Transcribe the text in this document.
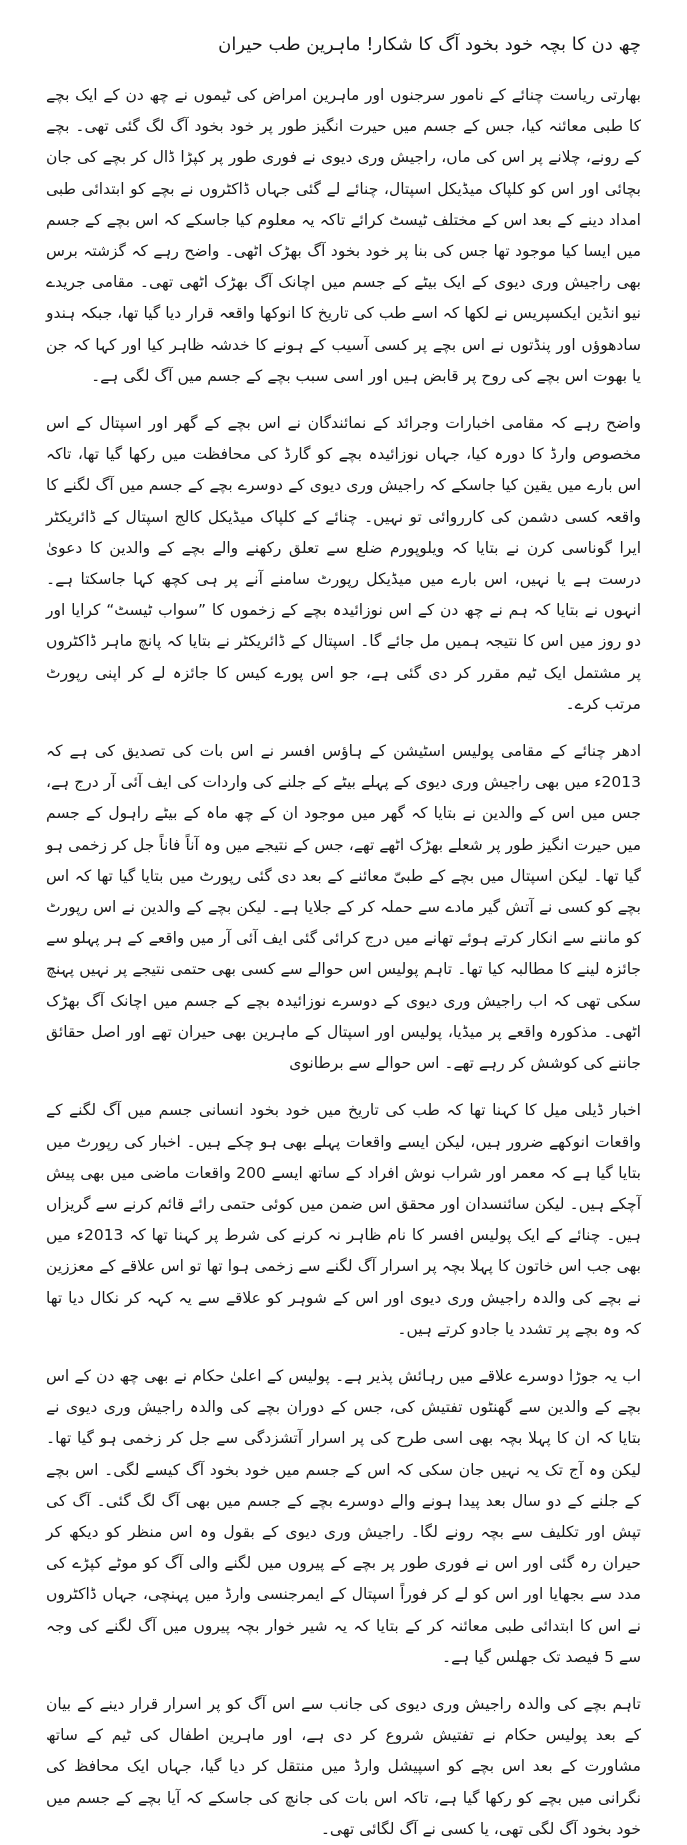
چھ دن کا بچہ خود بخود آگ کا شکار! ماہرین طب حیران

بھارتی ریاست چنائے کے نامور سرجنوں اور ماہرین امراض کی ٹیموں نے چھ دن کے ایک بچے کا طبی معائنہ کیا، جس کے جسم میں حیرت انگیز طور پر خود بخود آگ لگ گئی تھی۔ بچے کے رونے، چلانے پر اس کی ماں، راجیش وری دیوی نے فوری طور پر کپڑا ڈال کر بچے کی جان بچائی اور اس کو کلپاک میڈیکل اسپتال، چنائے لے گئی جہاں ڈاکٹروں نے بچے کو ابتدائی طبی امداد دینے کے بعد اس کے مختلف ٹیسٹ کرائے تاکہ یہ معلوم کیا جاسکے کہ اس بچے کے جسم میں ایسا کیا موجود تھا جس کی بنا پر خود بخود آگ بھڑک اٹھی۔ واضح رہے کہ گزشتہ برس بھی راجیش وری دیوی کے ایک بیٹے کے جسم میں اچانک آگ بھڑک اٹھی تھی۔ مقامی جریدے نیو انڈین ایکسپریس نے لکھا کہ اسے طب کی تاریخ کا انوکھا واقعہ قرار دیا گیا تھا، جبکہ ہندو سادھوؤں اور پنڈتوں نے اس بچے پر کسی آسیب کے ہونے کا خدشہ ظاہر کیا اور کہا کہ جن یا بھوت اس بچے کی روح پر قابض ہیں اور اسی سبب بچے کے جسم میں آگ لگی ہے۔

واضح رہے کہ مقامی اخبارات وجرائد کے نمائندگان نے اس بچے کے گھر اور اسپتال کے اس مخصوص وارڈ کا دورہ کیا، جہاں نوزائیدہ بچے کو گارڈ کی محافظت میں رکھا گیا تھا، تاکہ اس بارے میں یقین کیا جاسکے کہ راجیش وری دیوی کے دوسرے بچے کے جسم میں آگ لگنے کا واقعہ کسی دشمن کی کارروائی تو نہیں۔ چنائے کے کلپاک میڈیکل کالج اسپتال کے ڈائریکٹر ایرا گوناسی کرن نے بتایا کہ ویلوپورم ضلع سے تعلق رکھنے والے بچے کے والدین کا دعویٰ درست ہے یا نہیں، اس بارے میں میڈیکل رپورٹ سامنے آنے پر ہی کچھ کہا جاسکتا ہے۔ انہوں نے بتایا کہ ہم نے چھ دن کے اس نوزائیدہ بچے کے زخموں کا ”سواب ٹیسٹ“ کرایا اور دو روز میں اس کا نتیجہ ہمیں مل جائے گا۔ اسپتال کے ڈائریکٹر نے بتایا کہ پانچ ماہر ڈاکٹروں پر مشتمل ایک ٹیم مقرر کر دی گئی ہے، جو اس پورے کیس کا جائزہ لے کر اپنی رپورٹ مرتب کرے۔

ادھر چنائے کے مقامی پولیس اسٹیشن کے ہاؤس افسر نے اس بات کی تصدیق کی ہے کہ 2013ء میں بھی راجیش وری دیوی کے پہلے بیٹے کے جلنے کی واردات کی ایف آئی آر درج ہے، جس میں اس کے والدین نے بتایا کہ گھر میں موجود ان کے چھ ماہ کے بیٹے راہول کے جسم میں حیرت انگیز طور پر شعلے بھڑک اٹھے تھے، جس کے نتیجے میں وہ آناً فاناً جل کر زخمی ہو گیا تھا۔ لیکن اسپتال میں بچے کے طبیّ معائنے کے بعد دی گئی رپورٹ میں بتایا گیا تھا کہ اس بچے کو کسی نے آتش گیر مادے سے حملہ کر کے جلایا ہے۔ لیکن بچے کے والدین نے اس رپورٹ کو ماننے سے انکار کرتے ہوئے تھانے میں درج کرائی گئی ایف آئی آر میں واقعے کے ہر پہلو سے جائزہ لینے کا مطالبہ کیا تھا۔ تاہم پولیس اس حوالے سے کسی بھی حتمی نتیجے پر نہیں پہنچ سکی تھی کہ اب راجیش وری دیوی کے دوسرے نوزائیدہ بچے کے جسم میں اچانک آگ بھڑک اٹھی۔ مذکورہ واقعے پر میڈیا، پولیس اور اسپتال کے ماہرین بھی حیران تھے اور اصل حقائق جاننے کی کوشش کر رہے تھے۔ اس حوالے سے برطانوی

اخبار ڈیلی میل کا کہنا تھا کہ طب کی تاریخ میں خود بخود انسانی جسم میں آگ لگنے کے واقعات انوکھے ضرور ہیں، لیکن ایسے واقعات پہلے بھی ہو چکے ہیں۔ اخبار کی رپورٹ میں بتایا گیا ہے کہ معمر اور شراب نوش افراد کے ساتھ ایسے 200 واقعات ماضی میں بھی پیش آچکے ہیں۔ لیکن سائنسدان اور محقق اس ضمن میں کوئی حتمی رائے قائم کرنے سے گریزاں ہیں۔ چنائے کے ایک پولیس افسر کا نام ظاہر نہ کرنے کی شرط پر کہنا تھا کہ 2013ء میں بھی جب اس خاتون کا پہلا بچہ پر اسرار آگ لگنے سے زخمی ہوا تھا تو اس علاقے کے معززین نے بچے کی والدہ راجیش وری دیوی اور اس کے شوہر کو علاقے سے یہ کہہ کر نکال دیا تھا کہ وہ بچے پر تشدد یا جادو کرتے ہیں۔

اب یہ جوڑا دوسرے علاقے میں رہائش پذیر ہے۔ پولیس کے اعلیٰ حکام نے بھی چھ دن کے اس بچے کے والدین سے گھنٹوں تفتیش کی، جس کے دوران بچے کی والدہ راجیش وری دیوی نے بتایا کہ ان کا پہلا بچہ بھی اسی طرح کی پر اسرار آتشزدگی سے جل کر زخمی ہو گیا تھا۔ لیکن وہ آج تک یہ نہیں جان سکی کہ اس کے جسم میں خود بخود آگ کیسے لگی۔ اس بچے کے جلنے کے دو سال بعد پیدا ہونے والے دوسرے بچے کے جسم میں بھی آگ لگ گئی۔ آگ کی تپش اور تکلیف سے بچہ رونے لگا۔ راجیش وری دیوی کے بقول وہ اس منظر کو دیکھ کر حیران رہ گئی اور اس نے فوری طور پر بچے کے پیروں میں لگنے والی آگ کو موٹے کپڑے کی مدد سے بجھایا اور اس کو لے کر فوراً اسپتال کے ایمرجنسی وارڈ میں پہنچی، جہاں ڈاکٹروں نے اس کا ابتدائی طبی معائنہ کر کے بتایا کہ یہ شیر خوار بچہ پیروں میں آگ لگنے کی وجہ سے 5 فیصد تک جھلس گیا ہے۔

تاہم بچے کی والدہ راجیش وری دیوی کی جانب سے اس آگ کو پر اسرار قرار دینے کے بیان کے بعد پولیس حکام نے تفتیش شروع کر دی ہے، اور ماہرین اطفال کی ٹیم کے ساتھ مشاورت کے بعد اس بچے کو اسپیشل وارڈ میں منتقل کر دیا گیا، جہاں ایک محافظ کی نگرانی میں بچے کو رکھا گیا ہے، تاکہ اس بات کی جانچ کی جاسکے کہ آیا بچے کے جسم میں خود بخود آگ لگی تھی، یا کسی نے آگ لگائی تھی۔
